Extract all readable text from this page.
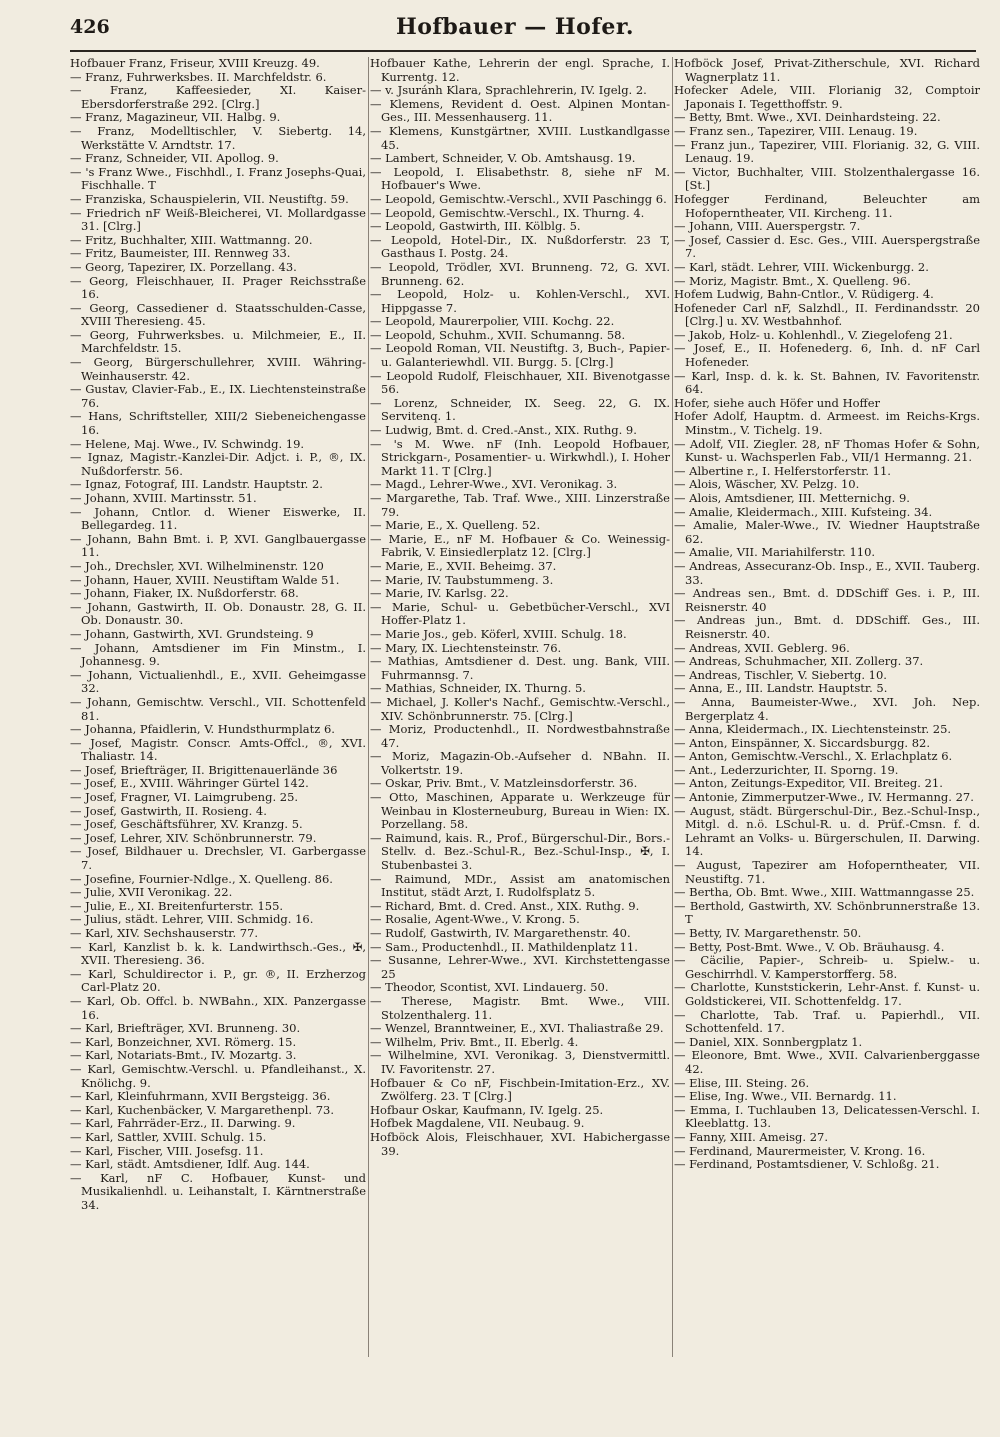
426	Hofbauer — Hofer.
Hofbauer Franz, Friseur, XVIII Kreuzg. 49.
— Franz, Fuhrwerksbes. II. Marchfeldstr. 6.
— Franz, Kaffeesieder, XI. Kaiser-Ebersdorferstraße 292. [Clrg.]
— Franz, Magazineur, VII. Halbg. 9.
— Franz, Modelltischler, V. Siebertg. 14, Werkstätte V. Arndtstr. 17.
— Franz, Schneider, VII. Apollog. 9.
— 's Franz Wwe., Fischhdl., I. Franz Josephs-Quai, Fischhalle. T
— Franziska, Schauspielerin, VII. Neustiftg. 59.
— Friedrich nF Weiß-Bleicherei, VI. Mollardgasse 31. [Clrg.]
— Fritz, Buchhalter, XIII. Wattmanng. 20.
— Fritz, Baumeister, III. Rennweg 33.
— Georg, Tapezirer, IX. Porzellang. 43.
— Georg, Fleischhauer, II. Prager Reichsstraße 16.
— Georg, Cassediener d. Staatsschulden-Casse, XVIII Theresieng. 45.
— Georg, Fuhrwerksbes. u. Milchmeier, E., II. Marchfeldstr. 15.
— Georg, Bürgerschullehrer, XVIII. Währing-Weinhauserstr. 42.
— Gustav, Clavier-Fab., E., IX. Liechtensteinstraße 76.
— Hans, Schriftsteller, XIII/2 Siebeneichengasse 16.
— Helene, Maj. Wwe., IV. Schwindg. 19.
— Ignaz, Magistr.-Kanzlei-Dir. Adjct. i. P., ®, IX. Nußdorferstr. 56.
— Ignaz, Fotograf, III. Landstr. Hauptstr. 2.
— Johann, XVIII. Martinsstr. 51.
— Johann, Cntlor. d. Wiener Eiswerke, II. Bellegardeg. 11.
— Johann, Bahn Bmt. i. P, XVI. Ganglbauergasse 11.
— Joh., Drechsler, XVI. Wilhelminenstr. 120
— Johann, Hauer, XVIII. Neustiftam Walde 51.
— Johann, Fiaker, IX. Nußdorferstr. 68.
— Johann, Gastwirth, II. Ob. Donaustr. 28, G. II. Ob. Donaustr. 30.
— Johann, Gastwirth, XVI. Grundsteing. 9
— Johann, Amtsdiener im Fin Minstm., I. Johannesg. 9.
— Johann, Victualienhdl., E., XVII. Geheimgasse 32.
— Johann, Gemischtw. Verschl., VII. Schottenfeld 81.
— Johanna, Pfaidlerin, V. Hundsthurmplatz 6.
— Josef, Magistr. Conscr. Amts-Offcl., ®, XVI. Thaliastr. 14.
— Josef, Briefträger, II. Brigittenauerlände 36
— Josef, E., XVIII. Währinger Gürtel 142.
— Josef, Fragner, VI. Laimgrubeng. 25.
— Josef, Gastwirth, II. Rosieng. 4.
— Josef, Geschäftsführer, XV. Kranzg. 5.
— Josef, Lehrer, XIV. Schönbrunnerstr. 79.
— Josef, Bildhauer u. Drechsler, VI. Garbergasse 7.
— Josefine, Fournier-Ndlge., X. Quelleng. 86.
— Julie, XVII Veronikag. 22.
— Julie, E., XI. Breitenfurterstr. 155.
— Julius, städt. Lehrer, VIII. Schmidg. 16.
— Karl, XIV. Sechshauserstr. 77.
— Karl, Kanzlist b. k. k. Landwirthsch.-Ges., ✠, XVII. Theresieng. 36.
— Karl, Schuldirector i. P., gr. ®, II. Erzherzog Carl-Platz 20.
— Karl, Ob. Offcl. b. NWBahn., XIX. Panzergasse 16.
— Karl, Briefträger, XVI. Brunneng. 30.
— Karl, Bonzeichner, XVI. Römerg. 15.
— Karl, Notariats-Bmt., IV. Mozartg. 3.
— Karl, Gemischtw.-Verschl. u. Pfandleihanst., X. Knölichg. 9.
— Karl, Kleinfuhrmann, XVII Bergsteigg. 36.
— Karl, Kuchenbäcker, V. Margarethenpl. 73.
— Karl, Fahrräder-Erz., II. Darwing. 9.
— Karl, Sattler, XVIII. Schulg. 15.
— Karl, Fischer, VIII. Josefsg. 11.
— Karl, städt. Amtsdiener, Idlf. Aug. 144.
— Karl, nF C. Hofbauer, Kunst- und Musikalienhdl. u. Leihanstalt, I. Kärntnerstraße 34.
Hofbauer Kathe, Lehrerin der engl. Sprache, I. Kurrentg. 12.
— v. Jsuránh Klara, Sprachlehrerin, IV. Igelg. 2.
— Klemens, Revident d. Oest. Alpinen Montan-Ges., III. Messenhauserg. 11.
— Klemens, Kunstgärtner, XVIII. Lustkandlgasse 45.
— Lambert, Schneider, V. Ob. Amtshausg. 19.
— Leopold, I. Elisabethstr. 8, siehe nF M. Hofbauer's Wwe.
— Leopold, Gemischtw.-Verschl., XVII Paschingg 6.
— Leopold, Gemischtw.-Verschl., IX. Thurng. 4.
— Leopold, Gastwirth, III. Kölblg. 5.
— Leopold, Hotel-Dir., IX. Nußdorferstr. 23 T, Gasthaus I. Postg. 24.
— Leopold, Trödler, XVI. Brunneng. 72, G. XVI. Brunneng. 62.
— Leopold, Holz- u. Kohlen-Verschl., XVI. Hippgasse 7.
— Leopold, Maurerpolier, VIII. Kochg. 22.
— Leopold, Schuhm., XVII. Schumanng. 58.
— Leopold Roman, VII. Neustiftg. 3, Buch-, Papier- u. Galanteriewhdl. VII. Burgg. 5. [Clrg.]
— Leopold Rudolf, Fleischhauer, XII. Bivenotgasse 56.
— Lorenz, Schneider, IX. Seeg. 22, G. IX. Servitenq. 1.
— Ludwig, Bmt. d. Cred.-Anst., XIX. Ruthg. 9.
— 's M. Wwe. nF (Inh. Leopold Hofbauer, Strickgarn-, Posamentier- u. Wirkwhdl.), I. Hoher Markt 11. T [Clrg.]
— Magd., Lehrer-Wwe., XVI. Veronikag. 3.
— Margarethe, Tab. Traf. Wwe., XIII. Linzerstraße 79.
— Marie, E., X. Quelleng. 52.
— Marie, E., nF M. Hofbauer & Co. Weinessig-Fabrik, V. Einsiedlerplatz 12. [Clrg.]
— Marie, E., XVII. Beheimg. 37.
— Marie, IV. Taubstummeng. 3.
— Marie, IV. Karlsg. 22.
— Marie, Schul- u. Gebetbücher-Verschl., XVI Hoffer-Platz 1.
— Marie Jos., geb. Köferl, XVIII. Schulg. 18.
— Mary, IX. Liechtensteinstr. 76.
— Mathias, Amtsdiener d. Dest. ung. Bank, VIII. Fuhrmannsg. 7.
— Mathias, Schneider, IX. Thurng. 5.
— Michael, J. Koller's Nachf., Gemischtw.-Verschl., XIV. Schönbrunnerstr. 75. [Clrg.]
— Moriz, Productenhdl., II. Nordwestbahnstraße 47.
— Moriz, Magazin-Ob.-Aufseher d. NBahn. II. Volkertstr. 19.
— Oskar, Priv. Bmt., V. Matzleinsdorferstr. 36.
— Otto, Maschinen, Apparate u. Werkzeuge für Weinbau in Klosterneuburg, Bureau in Wien: IX. Porzellang. 58.
— Raimund, kais. R., Prof., Bürgerschul-Dir., Bors.-Stellv. d. Bez.-Schul-R., Bez.-Schul-Insp., ✠, I. Stubenbastei 3.
— Raimund, MDr., Assist am anatomischen Institut, städt Arzt, I. Rudolfsplatz 5.
— Richard, Bmt. d. Cred. Anst., XIX. Ruthg. 9.
— Rosalie, Agent-Wwe., V. Krong. 5.
— Rudolf, Gastwirth, IV. Margarethenstr. 40.
— Sam., Productenhdl., II. Mathildenplatz 11.
— Susanne, Lehrer-Wwe., XVI. Kirchstettengasse 25
— Theodor, Scontist, XVI. Lindauerg. 50.
— Therese, Magistr. Bmt. Wwe., VIII. Stolzenthalerg. 11.
— Wenzel, Branntweiner, E., XVI. Thaliastraße 29.
— Wilhelm, Priv. Bmt., II. Eberlg. 4.
— Wilhelmine, XVI. Veronikag. 3, Dienstvermittl. IV. Favoritenstr. 27.
Hofbauer & Co nF, Fischbein-Imitation-Erz., XV. Zwölferg. 23. T [Clrg.]
Hofbaur Oskar, Kaufmann, IV. Igelg. 25.
Hofbek Magdalene, VII. Neubaug. 9.
Hofböck Alois, Fleischhauer, XVI. Habichergasse 39.
Hofböck Josef, Privat-Zitherschule, XVI. Richard Wagnerplatz 11.
Hofecker Adele, VIII. Florianig 32, Comptoir Japonais I. Tegetthoffstr. 9.
— Betty, Bmt. Wwe., XVI. Deinhardsteing. 22.
— Franz sen., Tapezirer, VIII. Lenaug. 19.
— Franz jun., Tapezirer, VIII. Florianig. 32, G. VIII. Lenaug. 19.
— Victor, Buchhalter, VIII. Stolzenthalergasse 16. [St.]
Hofegger Ferdinand, Beleuchter am Hofoperntheater, VII. Kircheng. 11.
— Johann, VIII. Auerspergstr. 7.
— Josef, Cassier d. Esc. Ges., VIII. Auerspergstraße 7.
— Karl, städt. Lehrer, VIII. Wickenburgg. 2.
— Moriz, Magistr. Bmt., X. Quelleng. 96.
Hofem Ludwig, Bahn-Cntlor., V. Rüdigerg. 4.
Hofeneder Carl nF, Salzhdl., II. Ferdinandsstr. 20 [Clrg.] u. XV. Westbahnhof.
— Jakob, Holz- u. Kohlenhdl., V. Ziegelofeng 21.
— Josef, E., II. Hofenederg. 6, Inh. d. nF Carl Hofeneder.
— Karl, Insp. d. k. k. St. Bahnen, IV. Favoritenstr. 64.
Hofer, siehe auch Höfer und Hoffer
Hofer Adolf, Hauptm. d. Armeest. im Reichs-Krgs. Minstm., V. Tichelg. 19.
— Adolf, VII. Ziegler. 28, nF Thomas Hofer & Sohn, Kunst- u. Wachsperlen Fab., VII/1 Hermanng. 21.
— Albertine r., I. Helferstorferstr. 11.
— Alois, Wäscher, XV. Pelzg. 10.
— Alois, Amtsdiener, III. Metternichg. 9.
— Amalie, Kleidermach., XIII. Kufsteing. 34.
— Amalie, Maler-Wwe., IV. Wiedner Hauptstraße 62.
— Amalie, VII. Mariahilferstr. 110.
— Andreas, Assecuranz-Ob. Insp., E., XVII. Tauberg. 33.
— Andreas sen., Bmt. d. DDSchiff Ges. i. P., III. Reisnerstr. 40
— Andreas jun., Bmt. d. DDSchiff. Ges., III. Reisnerstr. 40.
— Andreas, XVII. Geblerg. 96.
— Andreas, Schuhmacher, XII. Zollerg. 37.
— Andreas, Tischler, V. Siebertg. 10.
— Anna, E., III. Landstr. Hauptstr. 5.
— Anna, Baumeister-Wwe., XVI. Joh. Nep. Bergerplatz 4.
— Anna, Kleidermach., IX. Liechtensteinstr. 25.
— Anton, Einspänner, X. Siccardsburgg. 82.
— Anton, Gemischtw.-Verschl., X. Erlachplatz 6.
— Ant., Lederzurichter, II. Sporng. 19.
— Anton, Zeitungs-Expeditor, VII. Breiteg. 21.
— Antonie, Zimmerputzer-Wwe., IV. Hermanng. 27.
— August, städt. Bürgerschul-Dir., Bez.-Schul-Insp., Mitgl. d. n.ö. LSchul-R. u. d. Prüf.-Cmsn. f. d. Lehramt an Volks- u. Bürgerschulen, II. Darwing. 14.
— August, Tapezirer am Hofoperntheater, VII. Neustiftg. 71.
— Bertha, Ob. Bmt. Wwe., XIII. Wattmanngasse 25.
— Berthold, Gastwirth, XV. Schönbrunnerstraße 13. T
— Betty, IV. Margarethenstr. 50.
— Betty, Post-Bmt. Wwe., V. Ob. Bräuhausg. 4.
— Cäcilie, Papier-, Schreib- u. Spielw.- u. Geschirrhdl. V. Kamperstorfferg. 58.
— Charlotte, Kunststickerin, Lehr-Anst. f. Kunst- u. Goldstickerei, VII. Schottenfeldg. 17.
— Charlotte, Tab. Traf. u. Papierhdl., VII. Schottenfeld. 17.
— Daniel, XIX. Sonnbergplatz 1.
— Eleonore, Bmt. Wwe., XVII. Calvarienberggasse 42.
— Elise, III. Steing. 26.
— Elise, Ing. Wwe., VII. Bernardg. 11.
— Emma, I. Tuchlauben 13, Delicatessen-Verschl. I. Kleeblattg. 13.
— Fanny, XIII. Ameisg. 27.
— Ferdinand, Maurermeister, V. Krong. 16.
— Ferdinand, Postamtsdiener, V. Schloßg. 21.
